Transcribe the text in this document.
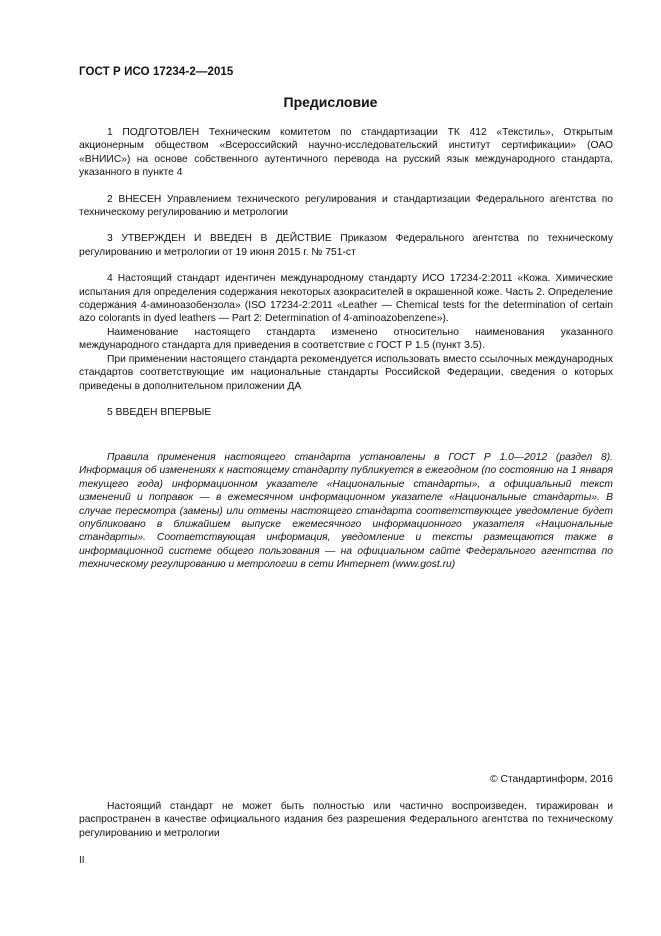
ГОСТ Р ИСО 17234-2—2015
Предисловие

1 ПОДГОТОВЛЕН Техническим комитетом по стандартизации ТК 412 «Текстиль», Открытым акционерным обществом «Всероссийский научно-исследовательский институт сертификации» (ОАО «ВНИИС») на основе собственного аутентичного перевода на русский язык международного стандарта, указанного в пункте 4

2 ВНЕСЕН Управлением технического регулирования и стандартизации Федерального агентства по техническому регулированию и метрологии

3 УТВЕРЖДЕН И ВВЕДЕН В ДЕЙСТВИЕ Приказом Федерального агентства по техническому регулированию и метрологии от 19 июня 2015 г. № 751-ст

4 Настоящий стандарт идентичен международному стандарту ИСО 17234-2:2011 «Кожа. Химические испытания для определения содержания некоторых азокрасителей в окрашенной коже. Часть 2. Определение содержания 4-аминоазобензола» (ISO 17234-2:2011 «Leather — Chemical tests for the determination of certain azo colorants in dyed leathers — Part 2: Determination of 4-aminoazobenzene»).

Наименование настоящего стандарта изменено относительно наименования указанного международного стандарта для приведения в соответствие с ГОСТ Р 1.5 (пункт 3.5).

При применении настоящего стандарта рекомендуется использовать вместо ссылочных международных стандартов соответствующие им национальные стандарты Российской Федерации, сведения о которых приведены в дополнительном приложении ДА

5 ВВЕДЕН ВПЕРВЫЕ

Правила применения настоящего стандарта установлены в ГОСТ Р 1.0—2012 (раздел 8). Информация об изменениях к настоящему стандарту публикуется в ежегодном (по состоянию на 1 января текущего года) информационном указателе «Национальные стандарты», а официальный текст изменений и поправок — в ежемесячном информационном указателе «Национальные стандарты». В случае пересмотра (замены) или отмены настоящего стандарта соответствующее уведомление будет опубликовано в ближайшем выпуске ежемесячного информационного указателя «Национальные стандарты». Соответствующая информация, уведомление и тексты размещаются также в информационной системе общего пользования — на официальном сайте Федерального агентства по техническому регулированию и метрологии в сети Интернет (www.gost.ru)

© Стандартинформ, 2016

Настоящий стандарт не может быть полностью или частично воспроизведен, тиражирован и распространен в качестве официального издания без разрешения Федерального агентства по техническому регулированию и метрологии

II
